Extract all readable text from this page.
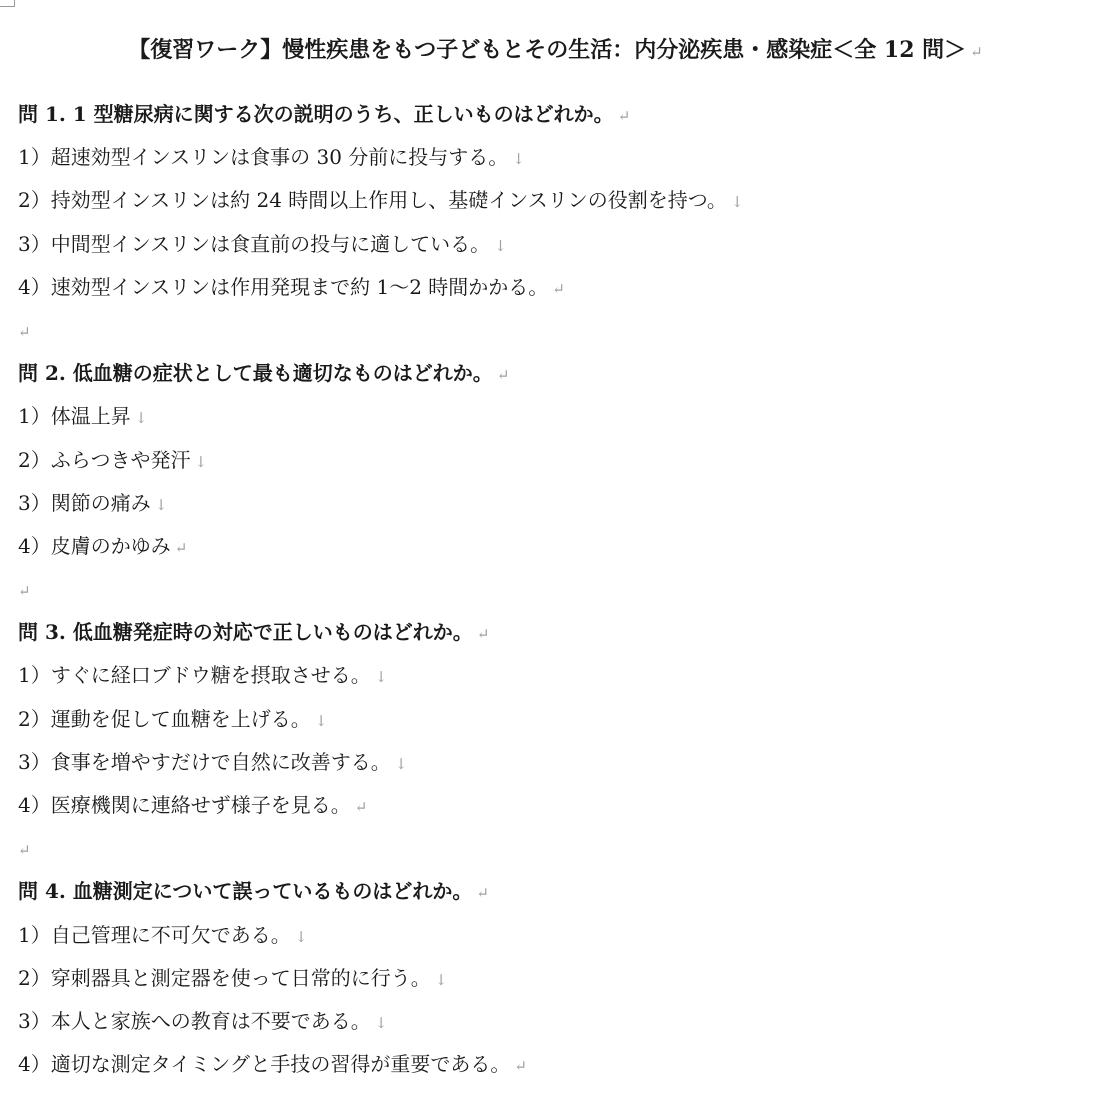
【復習ワーク】慢性疾患をもつ子どもとその生活：内分泌疾患・感染症＜全 12 問＞ ↵
問 1. 1 型糖尿病に関する次の説明のうち、正しいものはどれか。 ↵
1）超速効型インスリンは食事の 30 分前に投与する。 ↓
2）持効型インスリンは約 24 時間以上作用し、基礎インスリンの役割を持つ。 ↓
3）中間型インスリンは食直前の投与に適している。 ↓
4）速効型インスリンは作用発現まで約 1〜2 時間かかる。 ↵
↵
問 2. 低血糖の症状として最も適切なものはどれか。 ↵
1）体温上昇 ↓
2）ふらつきや発汗 ↓
3）関節の痛み ↓
4）皮膚のかゆみ ↵
↵
問 3. 低血糖発症時の対応で正しいものはどれか。 ↵
1）すぐに経口ブドウ糖を摂取させる。 ↓
2）運動を促して血糖を上げる。 ↓
3）食事を増やすだけで自然に改善する。 ↓
4）医療機関に連絡せず様子を見る。 ↵
↵
問 4. 血糖測定について誤っているものはどれか。 ↵
1）自己管理に不可欠である。 ↓
2）穿刺器具と測定器を使って日常的に行う。 ↓
3）本人と家族への教育は不要である。 ↓
4）適切な測定タイミングと手技の習得が重要である。 ↵
